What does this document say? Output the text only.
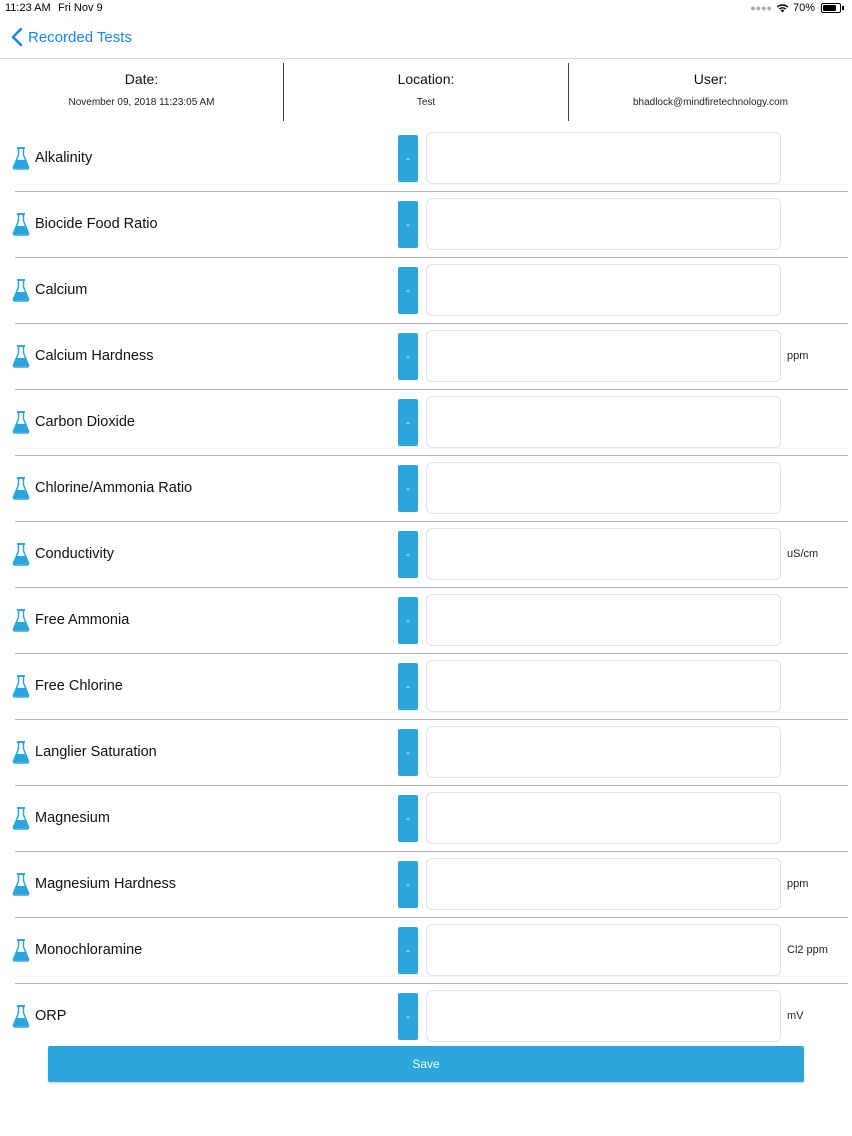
11:23 AM Fri Nov 9	●●●● 70%
Recorded Tests
Date:
November 09, 2018 11:23:05 AM
Location:
Test
User:
bhadlock@mindfiretechnology.com
Alkalinity	-
Biocide Food Ratio	-
Calcium	-
Calcium Hardness	-	ppm
Carbon Dioxide	-
Chlorine/Ammonia Ratio	-
Conductivity	-	uS/cm
Free Ammonia	-
Free Chlorine	-
Langlier Saturation	-
Magnesium	-
Magnesium Hardness	-	ppm
Monochloramine	-	Cl2 ppm
ORP	-	mV
Save
